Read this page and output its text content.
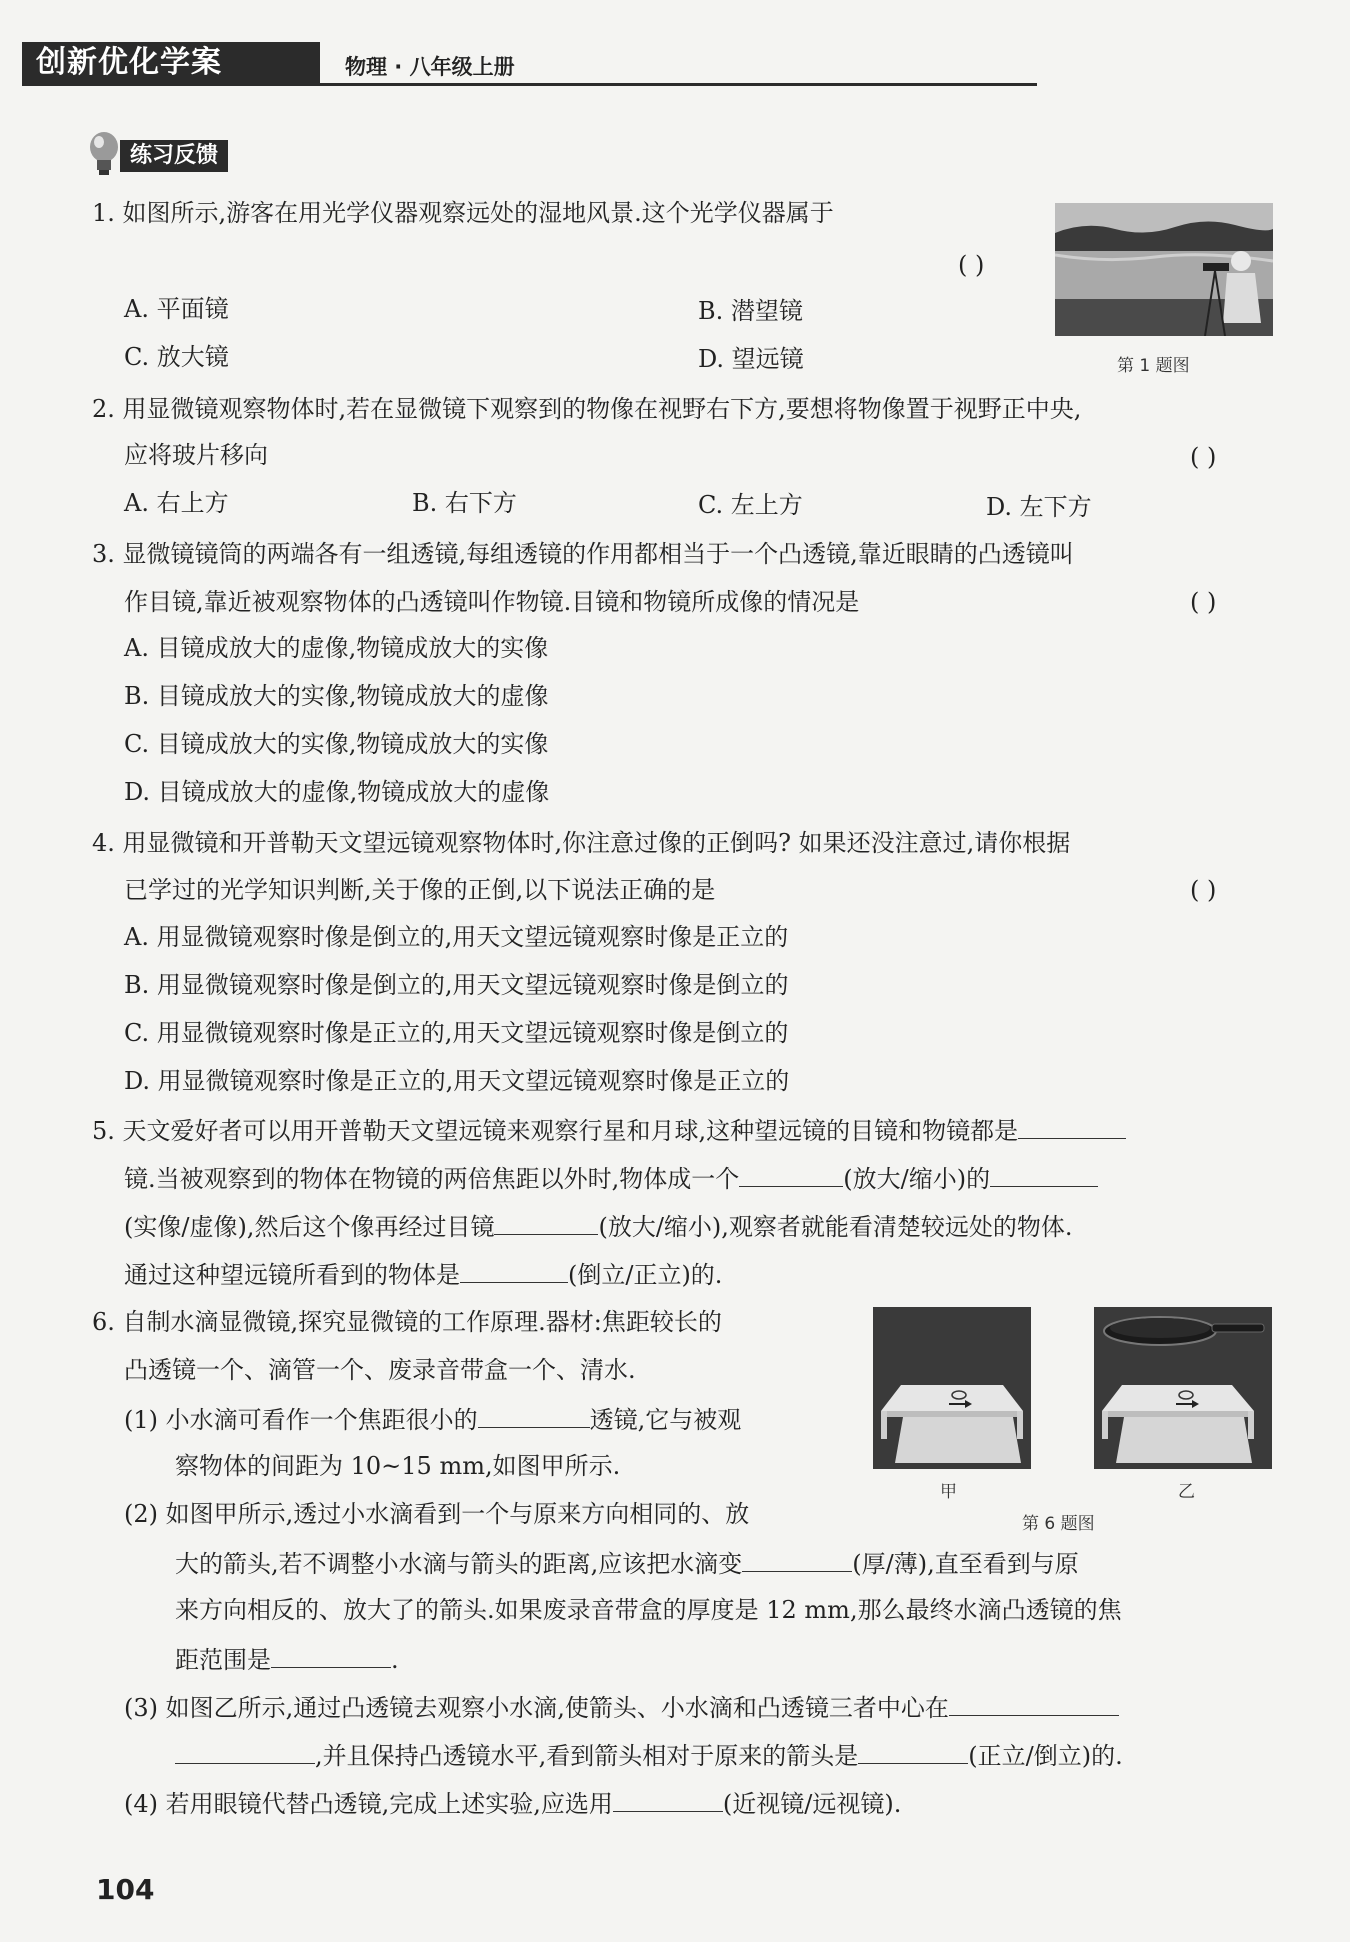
创新优化学案	物理 · 八年级上册
练习反馈
1. 如图所示,游客在用光学仪器观察远处的湿地风景.这个光学仪器属于
( )
A. 平面镜	B. 潜望镜
C. 放大镜	D. 望远镜	第 1 题图
2. 用显微镜观察物体时,若在显微镜下观察到的物像在视野右下方,要想将物像置于视野正中央,
应将玻片移向	( )
A. 右上方	B. 右下方	C. 左上方	D. 左下方
3. 显微镜镜筒的两端各有一组透镜,每组透镜的作用都相当于一个凸透镜,靠近眼睛的凸透镜叫
作目镜,靠近被观察物体的凸透镜叫作物镜.目镜和物镜所成像的情况是	( )
A. 目镜成放大的虚像,物镜成放大的实像
B. 目镜成放大的实像,物镜成放大的虚像
C. 目镜成放大的实像,物镜成放大的实像
D. 目镜成放大的虚像,物镜成放大的虚像
4. 用显微镜和开普勒天文望远镜观察物体时,你注意过像的正倒吗? 如果还没注意过,请你根据
已学过的光学知识判断,关于像的正倒,以下说法正确的是	( )
A. 用显微镜观察时像是倒立的,用天文望远镜观察时像是正立的
B. 用显微镜观察时像是倒立的,用天文望远镜观察时像是倒立的
C. 用显微镜观察时像是正立的,用天文望远镜观察时像是倒立的
D. 用显微镜观察时像是正立的,用天文望远镜观察时像是正立的
5. 天文爱好者可以用开普勒天文望远镜来观察行星和月球,这种望远镜的目镜和物镜都是
镜.当被观察到的物体在物镜的两倍焦距以外时,物体成一个	(放大/缩小)的
(实像/虚像),然后这个像再经过目镜	(放大/缩小),观察者就能看清楚较远处的物体.
通过这种望远镜所看到的物体是	(倒立/正立)的.
6. 自制水滴显微镜,探究显微镜的工作原理.器材:焦距较长的
凸透镜一个、滴管一个、废录音带盒一个、清水.
(1) 小水滴可看作一个焦距很小的	透镜,它与被观
察物体的间距为 10~15 mm,如图甲所示.
(2) 如图甲所示,透过小水滴看到一个与原来方向相同的、放
大的箭头,若不调整小水滴与箭头的距离,应该把水滴变	(厚/薄),直至看到与原
来方向相反的、放大了的箭头.如果废录音带盒的厚度是 12 mm,那么最终水滴凸透镜的焦
距范围是	.
(3) 如图乙所示,通过凸透镜去观察小水滴,使箭头、小水滴和凸透镜三者中心在
,并且保持凸透镜水平,看到箭头相对于原来的箭头是	(正立/倒立)的.
(4) 若用眼镜代替凸透镜,完成上述实验,应选用	(近视镜/远视镜).
甲	乙
第 6 题图
104
